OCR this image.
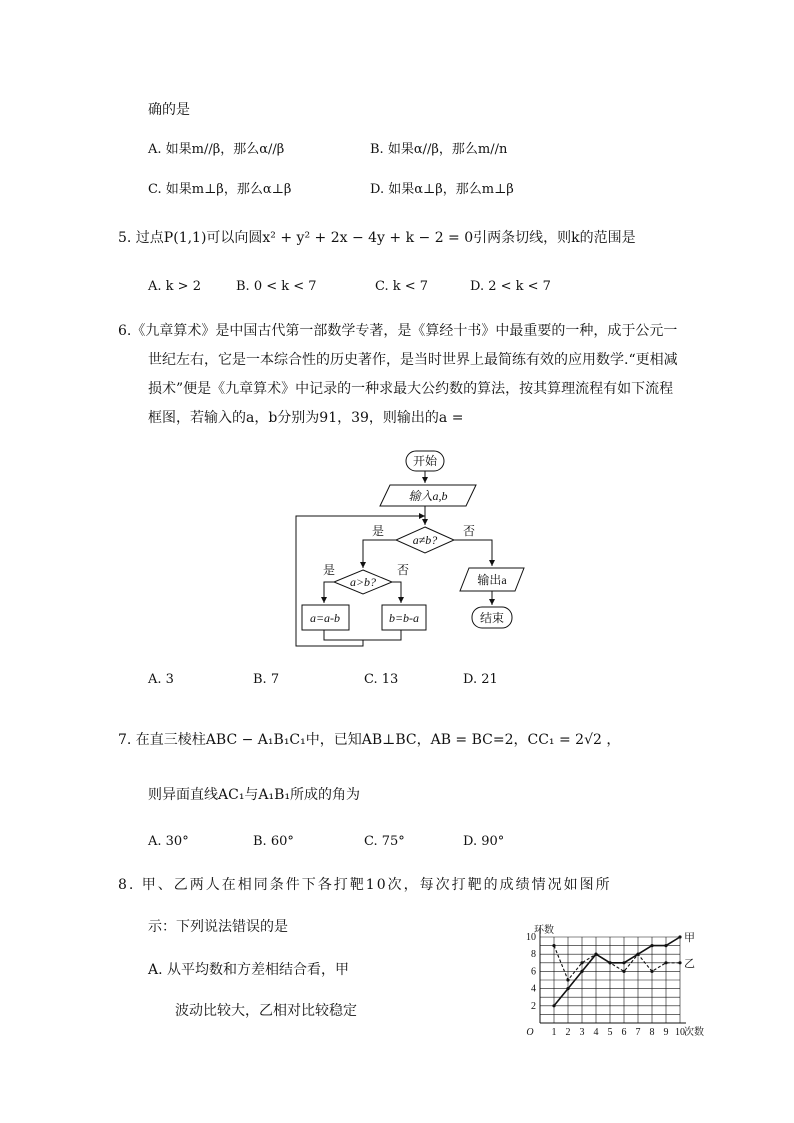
确的是
A. 如果m//β，那么α//β	B. 如果α//β，那么m//n
C. 如果m⊥β，那么α⊥β	D. 如果α⊥β，那么m⊥β
5. 过点P(1,1)可以向圆x² + y² + 2x − 4y + k − 2 = 0引两条切线，则k的范围是
A. k > 2	B. 0 < k < 7	C. k < 7	D. 2 < k < 7
6.《九章算术》是中国古代第一部数学专著，是《算经十书》中最重要的一种，成于公元一
世纪左右，它是一本综合性的历史著作，是当时世界上最简练有效的应用数学.“更相减
损术”便是《九章算术》中记录的一种求最大公约数的算法，按其算理流程有如下流程
框图，若输入的a，b分别为91，39，则输出的a =
开始
输入a,b
a≠b?
是	否
a>b?
是	否
a=a-b	b=b-a
输出a
结束
A. 3	B. 7	C. 13	D. 21
7. 在直三棱柱ABC − A₁B₁C₁中，已知AB⊥BC，AB = BC=2，CC₁ = 2√2 ，
则异面直线AC₁与A₁B₁所成的角为
A. 30°	B. 60°	C. 75°	D. 90°
8. 甲、乙两人在相同条件下各打靶10次，每次打靶的成绩情况如图所
示：下列说法错误的是
A. 从平均数和方差相结合看，甲
波动比较大，乙相对比较稳定
1 2 3 4 5 6 7 8 9 10
2
4
6
8
10
O	次数
环数
甲
乙
